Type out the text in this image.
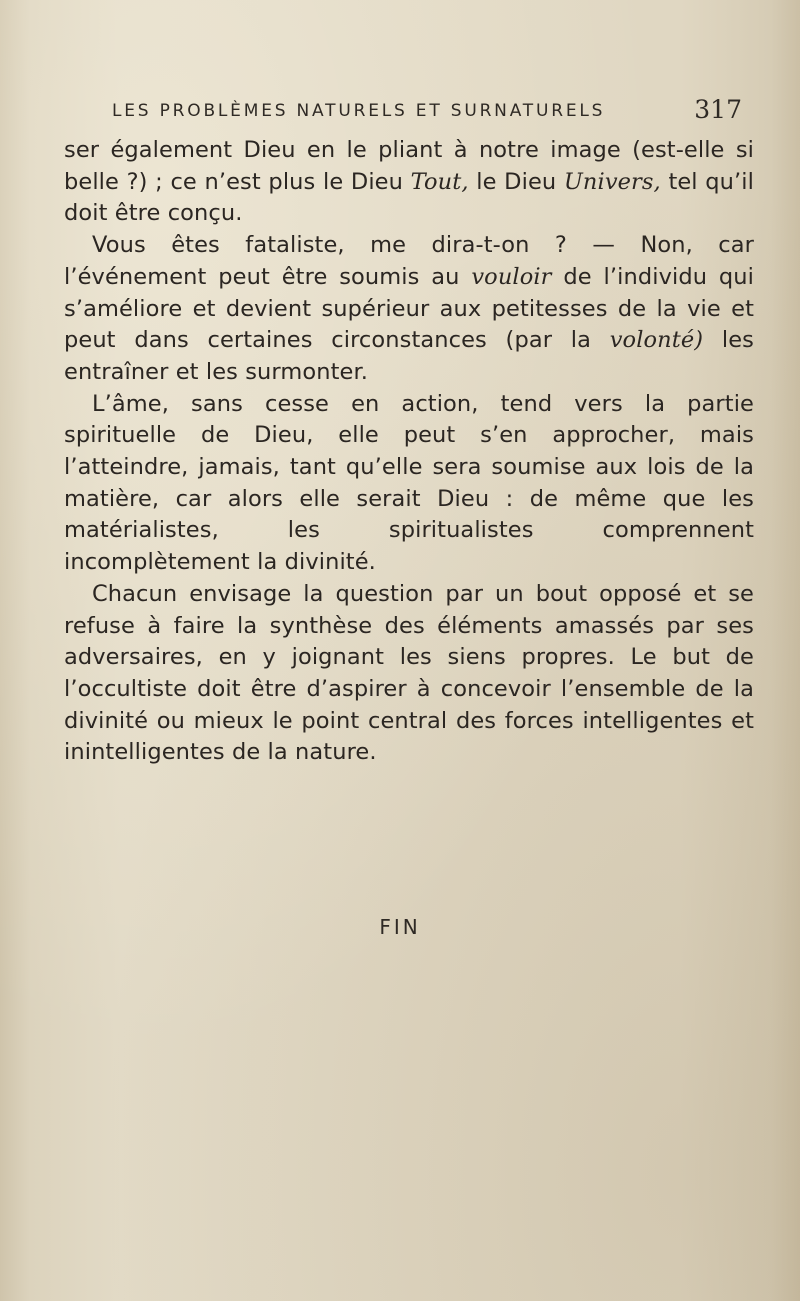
LES PROBLÈMES NATURELS ET SURNATURELS	317

ser également Dieu en le pliant à notre image (est-elle si belle ?) ; ce n’est plus le Dieu Tout, le Dieu Univers, tel qu’il doit être conçu.

Vous êtes fataliste, me dira-t-on ? — Non, car l’événement peut être soumis au vouloir de l’individu qui s’améliore et devient supérieur aux petitesses de la vie et peut dans certaines circonstances (par la volonté) les entraîner et les surmonter.

L’âme, sans cesse en action, tend vers la partie spirituelle de Dieu, elle peut s’en approcher, mais l’atteindre, jamais, tant qu’elle sera soumise aux lois de la matière, car alors elle serait Dieu : de même que les matérialistes, les spiritualistes comprennent incomplètement la divinité.

Chacun envisage la question par un bout opposé et se refuse à faire la synthèse des éléments amassés par ses adversaires, en y joignant les siens propres. Le but de l’occultiste doit être d’aspirer à concevoir l’ensemble de la divinité ou mieux le point central des forces intelligentes et inintelligentes de la nature.

FIN
